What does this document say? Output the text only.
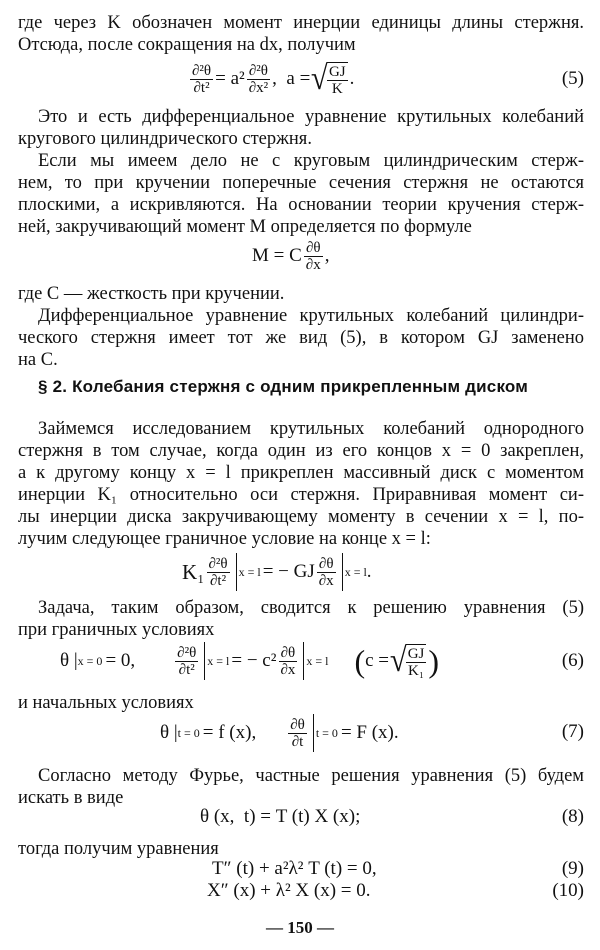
где через K обозначен момент инерции единицы длины стержня.
Отсюда, после сокращения на dx, получим
$\frac{\text{∂²θ}}{\text{∂t²}} = a^2 \frac{\text{∂²θ}}{\text{∂x²}}$ ,  a = √
$\frac{GJ}{K}$ .	(5)
Это и есть дифференциальное уравнение крутильных колебаний
кругового цилиндрического стержня.
Если мы имеем дело не с круговым цилиндрическим стерж-
нем, то при кручении поперечные сечения стержня не остаются
плоскими, а искривляются. На основании теории кручения стерж-
ней, закручивающий момент M определяется по формуле
M = C $\frac{\partial\theta}{\partial x}$ ,
где C — жесткость при кручении.
Дифференциальное уравнение крутильных колебаний цилиндри-
ческого стержня имеет тот же вид (5), в котором GJ заменено
на C.
§ 2. Колебания стержня с одним прикрепленным диском
Займемся исследованием крутильных колебаний однородного
стержня в том случае, когда один из его концов x = 0 закреплен,
а к другому концу x = l прикреплен массивный диск с моментом
инерции K₁ относительно оси стержня. Приравнивая момент си-
лы инерции диска закручивающему моменту в сечении x = l, по-
лучим следующее граничное условие на конце x = l:
$K_1 \frac{\text{∂²θ}}{\text{∂t²}}$ x = l = − GJ $\frac{\partial\theta}{\partial x}$ x = l .
Задача, таким образом, сводится к решению уравнения (5)
при граничных условиях
θ | x = 0 = 0,	$\frac{\text{∂²θ}}{\text{∂t²}}$ x = l = − $c^2 \frac{\partial\theta}{\partial x}$ x = l ( c = √
$\frac{GJ}{\text{K₁}}$ )	(6)
и начальных условиях
θ | t = 0 = f (x), $\frac{\partial\theta}{\partial t}$ t = 0 = F (x).	(7)
Согласно методу Фурье, частные решения уравнения (5) будем
искать в виде
θ (x,  t) = T (t) X (x);	(8)
тогда получим уравнения
T″ (t) + a²λ² T (t) = 0,	(9)
X″ (x) + λ² X (x) = 0.	(10)
— 150 —
